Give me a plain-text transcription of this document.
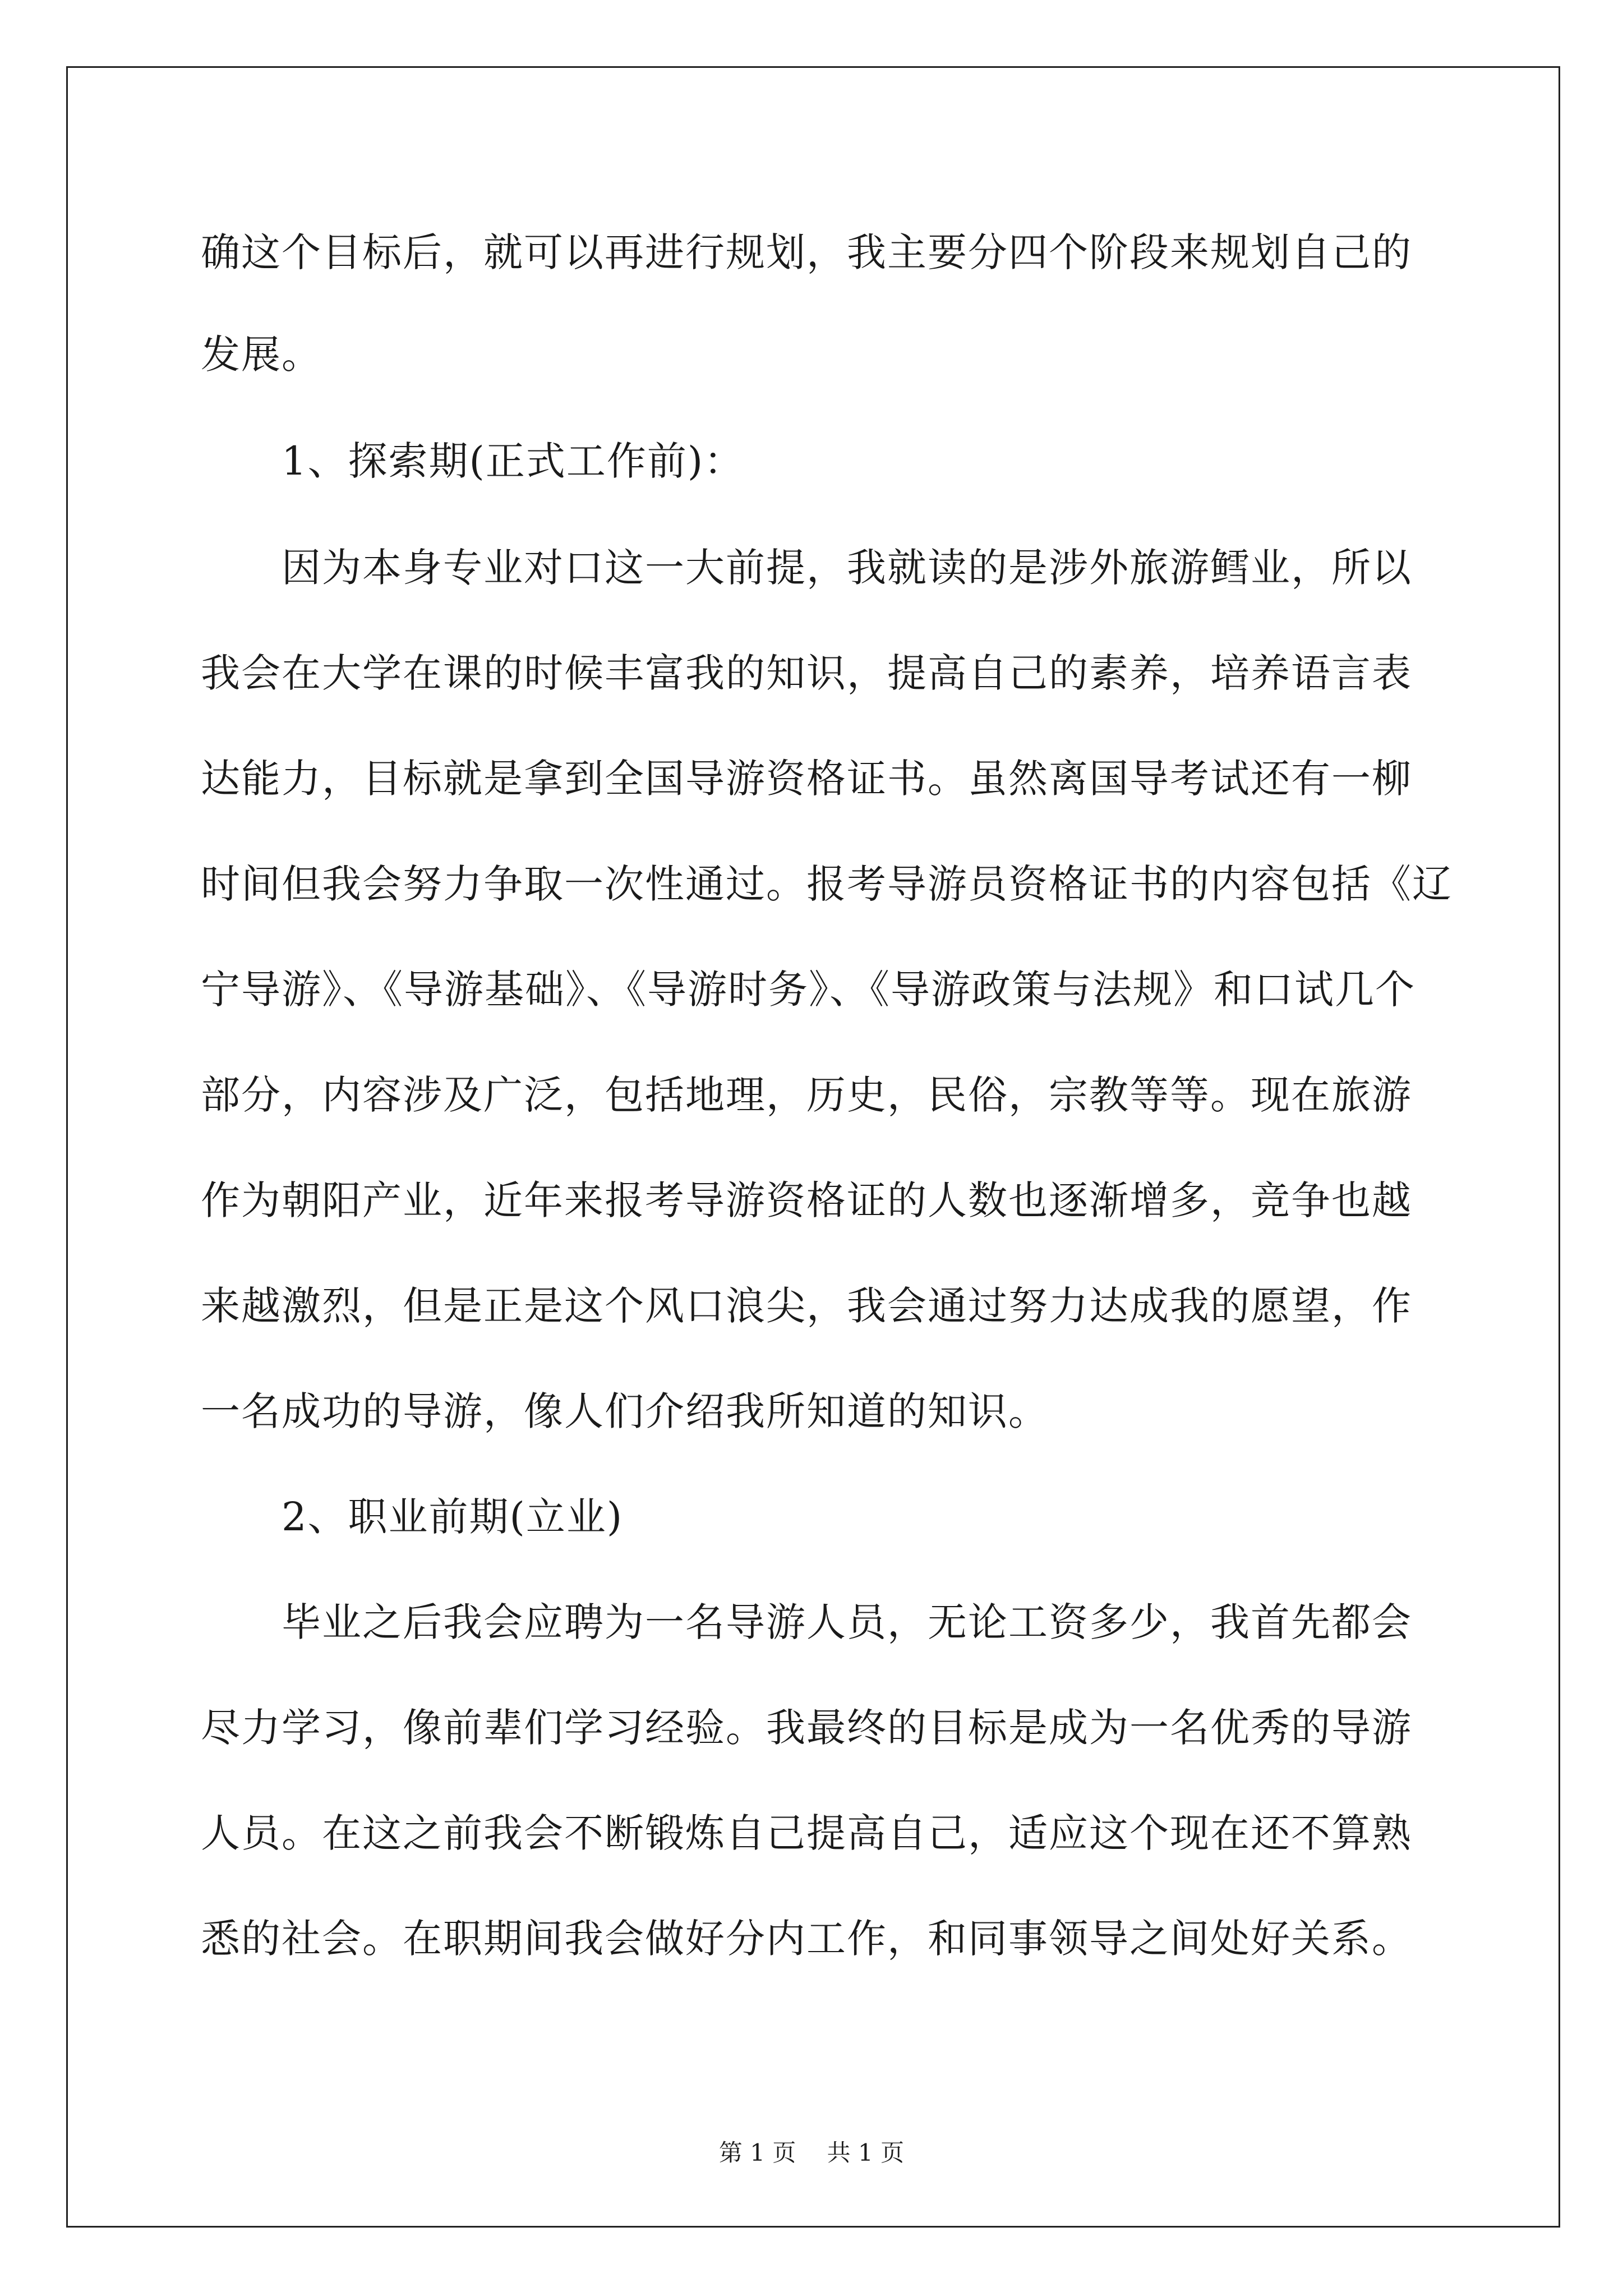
确这个目标后，就可以再进行规划，我主要分四个阶段来规划自己的
发展。
　　1、探索期(正式工作前)：
　　因为本身专业对口这一大前提，我就读的是涉外旅游鳕业，所以
我会在大学在课的时候丰富我的知识，提高自己的素养，培养语言表
达能力，目标就是拿到全国导游资格证书。虽然离国导考试还有一柳
时间但我会努力争取一次性通过。报考导游员资格证书的内容包括《辽
宁导游》、《导游基础》、《导游时务》、《导游政策与法规》和口试几个
部分，内容涉及广泛，包括地理，历史，民俗，宗教等等。现在旅游
作为朝阳产业，近年来报考导游资格证的人数也逐渐增多，竞争也越
来越激烈，但是正是这个风口浪尖，我会通过努力达成我的愿望，作
一名成功的导游，像人们介绍我所知道的知识。
　　2、职业前期(立业)
　　毕业之后我会应聘为一名导游人员，无论工资多少，我首先都会
尽力学习，像前辈们学习经验。我最终的目标是成为一名优秀的导游
人员。在这之前我会不断锻炼自己提高自己，适应这个现在还不算熟
悉的社会。在职期间我会做好分内工作，和同事领导之间处好关系。
第 1 页　 共 1 页
